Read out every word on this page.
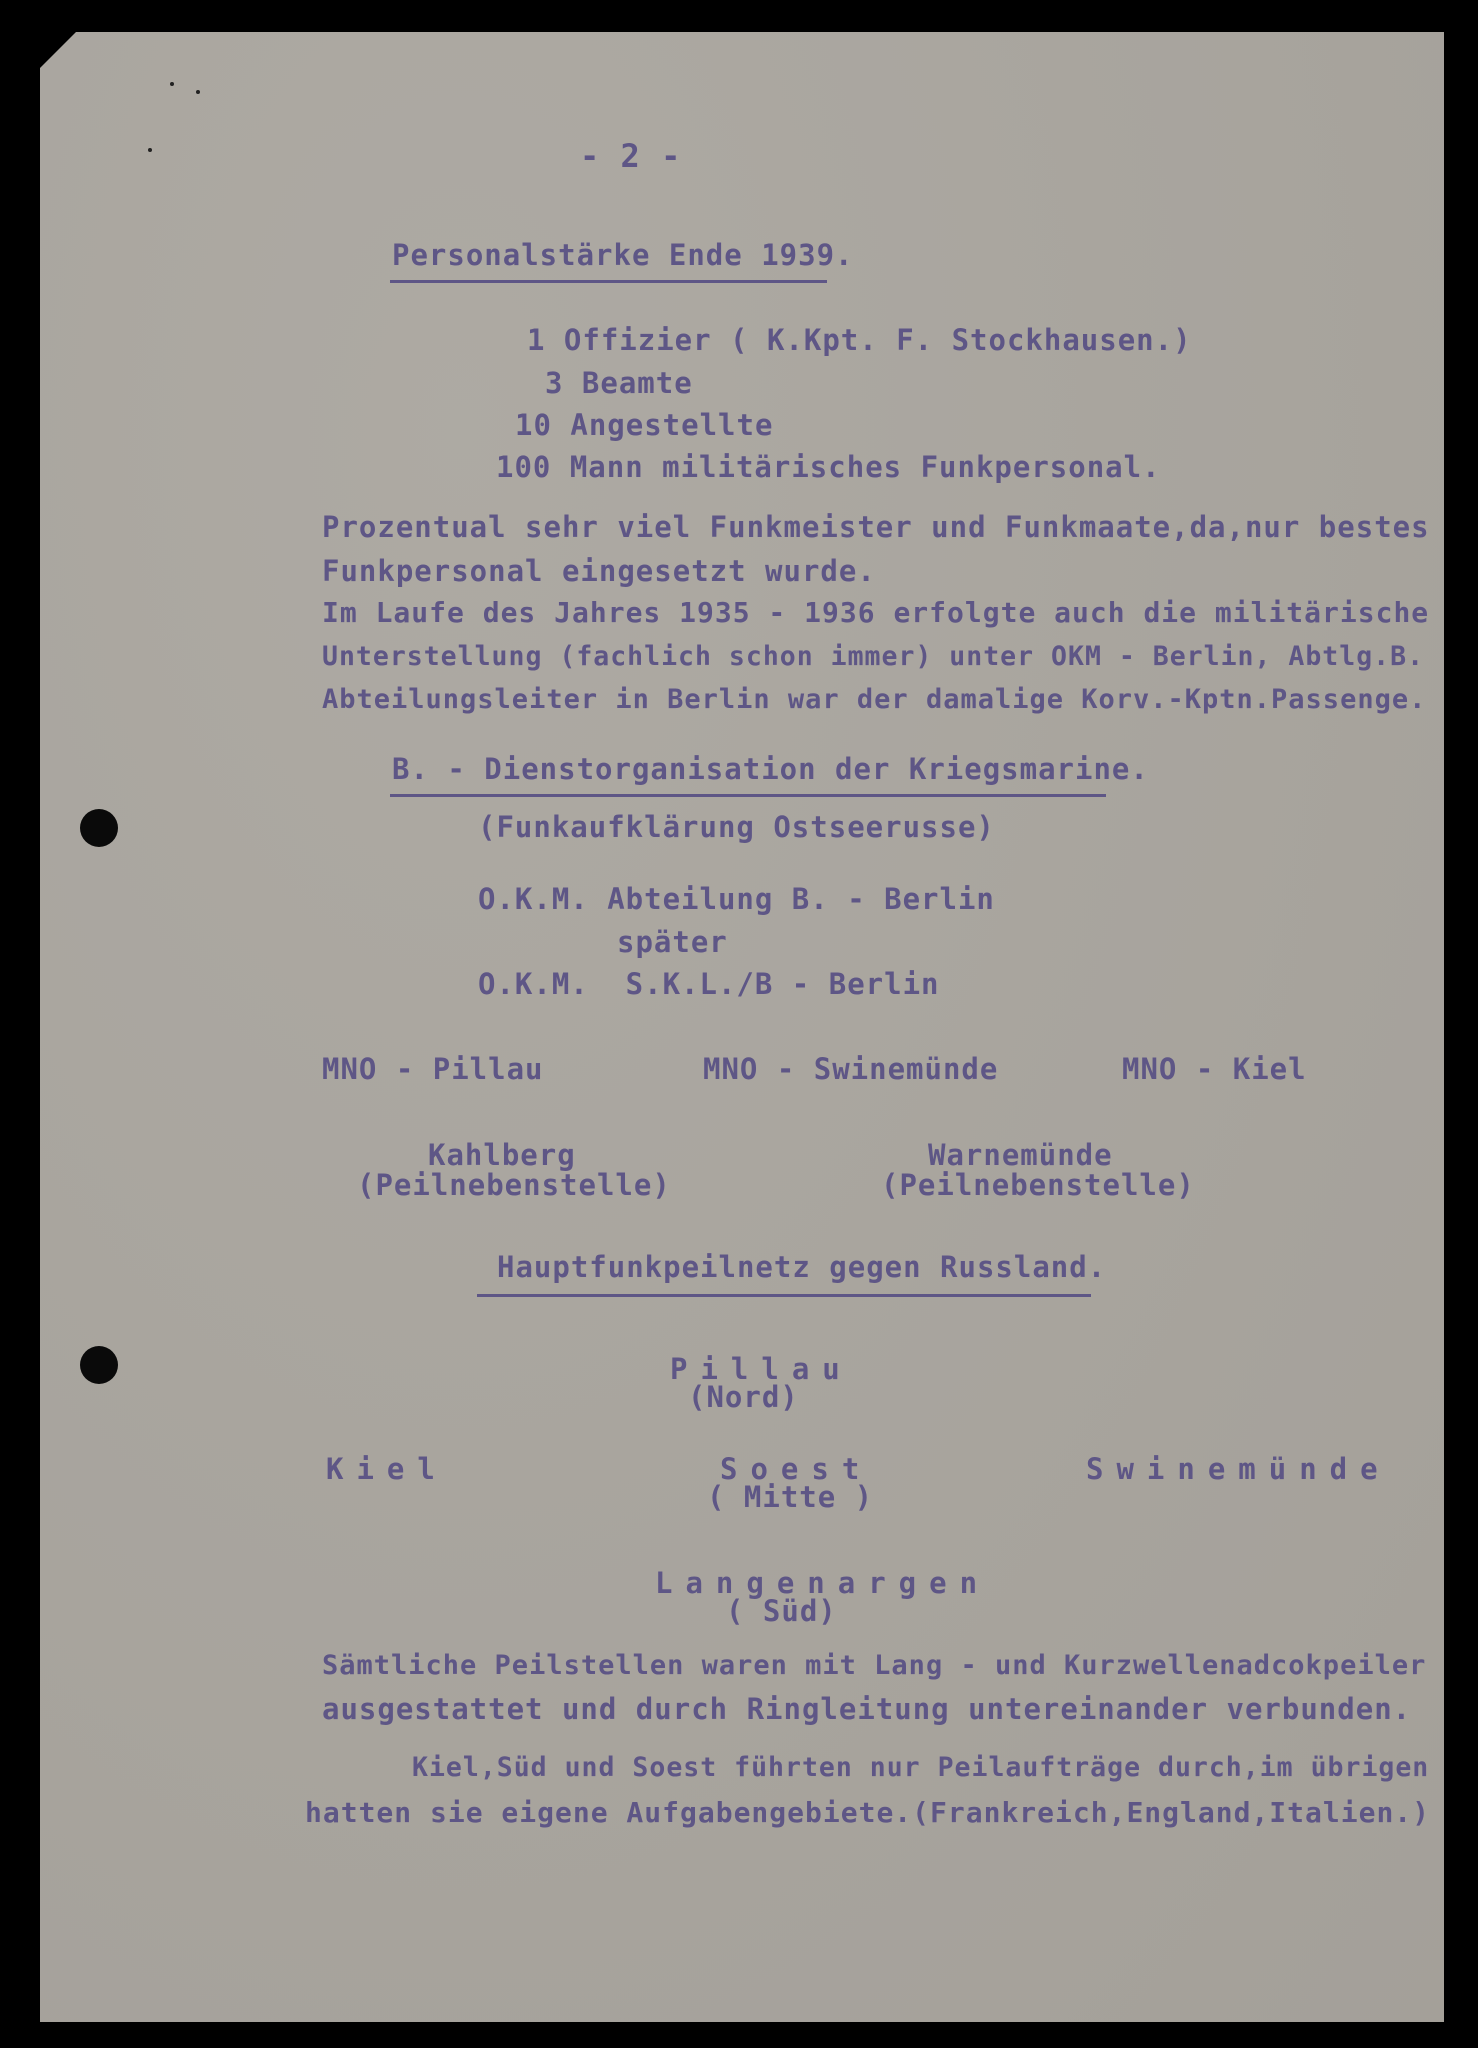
- 2 -
Personalstärke Ende 1939.
1 Offizier ( K.Kpt. F. Stockhausen.)
3 Beamte
10 Angestellte
100 Mann militärisches Funkpersonal.
Prozentual sehr viel Funkmeister und Funkmaate,da,nur bestes
Funkpersonal eingesetzt wurde.
Im Laufe des Jahres 1935 - 1936 erfolgte auch die militärische
Unterstellung (fachlich schon immer) unter OKM - Berlin, Abtlg.B.
Abteilungsleiter in Berlin war der damalige Korv.-Kptn.Passenge.
B. - Dienstorganisation der Kriegsmarine.
(Funkaufklärung Ostseerusse)
O.K.M. Abteilung B. - Berlin
später
O.K.M.  S.K.L./B - Berlin
MNO - Pillau	MNO - Swinemünde	MNO - Kiel
Kahlberg
(Peilnebenstelle)
Warnemünde
(Peilnebenstelle)
Hauptfunkpeilnetz gegen Russland.
Pillau
(Nord)
Kiel	Soest
( Mitte )
Swinemünde
Langenargen
( Süd)
Sämtliche Peilstellen waren mit Lang - und Kurzwellenadcokpeiler
ausgestattet und durch Ringleitung untereinander verbunden.
Kiel,Süd und Soest führten nur Peilaufträge durch,im übrigen
hatten sie eigene Aufgabengebiete.(Frankreich,England,Italien.)
